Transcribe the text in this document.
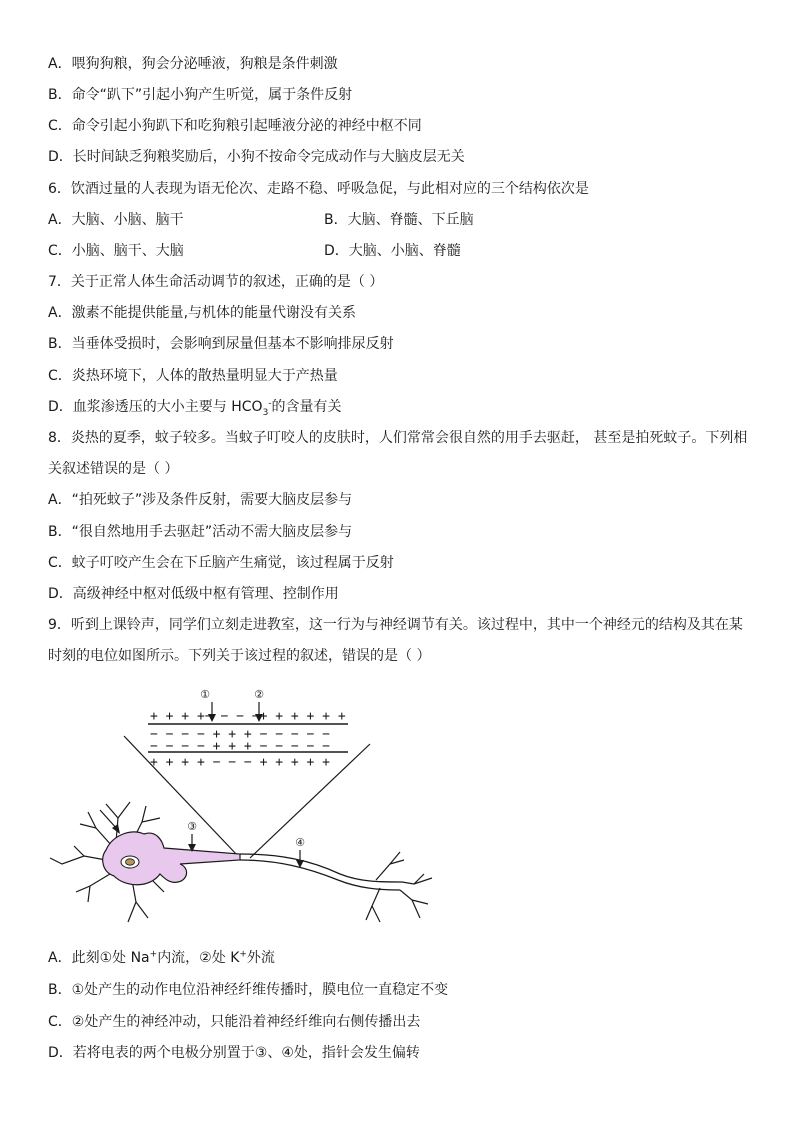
A．喂狗狗粮，狗会分泌唾液，狗粮是条件刺激
B．命令“趴下”引起小狗产生听觉，属于条件反射
C．命令引起小狗趴下和吃狗粮引起唾液分泌的神经中枢不同
D．长时间缺乏狗粮奖励后，小狗不按命令完成动作与大脑皮层无关
6．饮酒过量的人表现为语无伦次、走路不稳、呼吸急促，与此相对应的三个结构依次是
A．大脑、小脑、脑干	B．大脑、脊髓、下丘脑
C．小脑、脑干、大脑	D．大脑、小脑、脊髓
7．关于正常人体生命活动调节的叙述，正确的是（ ）
A．激素不能提供能量,与机体的能量代谢没有关系
B．当垂体受损时，会影响到尿量但基本不影响排尿反射
C．炎热环境下，人体的散热量明显大于产热量
D．血浆渗透压的大小主要与 $HCO_3^-$的含量有关
8．炎热的夏季，蚊子较多。当蚊子叮咬人的皮肤时，人们常常会很自然的用手去驱赶， 甚至是拍死蚊子。下列相
关叙述错误的是（ ）
A．“拍死蚊子”涉及条件反射，需要大脑皮层参与
B．“很自然地用手去驱赶”活动不需大脑皮层参与
C．蚊子叮咬产生会在下丘脑产生痛觉，该过程属于反射
D．高级神经中枢对低级中枢有管理、控制作用
9．听到上课铃声，同学们立刻走进教室，这一行为与神经调节有关。该过程中，其中一个神经元的结构及其在某
时刻的电位如图所示。下列关于该过程的叙述，错误的是（ ）
①	②
+ + + +− − − −+ + + + + +
− − − − + + + − − − − −
− − − − + + + − − − − −
+ + + + − − − + + + + +
③
④
A．此刻①处 Na+内流，②处 K+外流
B．①处产生的动作电位沿神经纤维传播时，膜电位一直稳定不变
C．②处产生的神经冲动，只能沿着神经纤维向右侧传播出去
D．若将电表的两个电极分别置于③、④处，指针会发生偏转
